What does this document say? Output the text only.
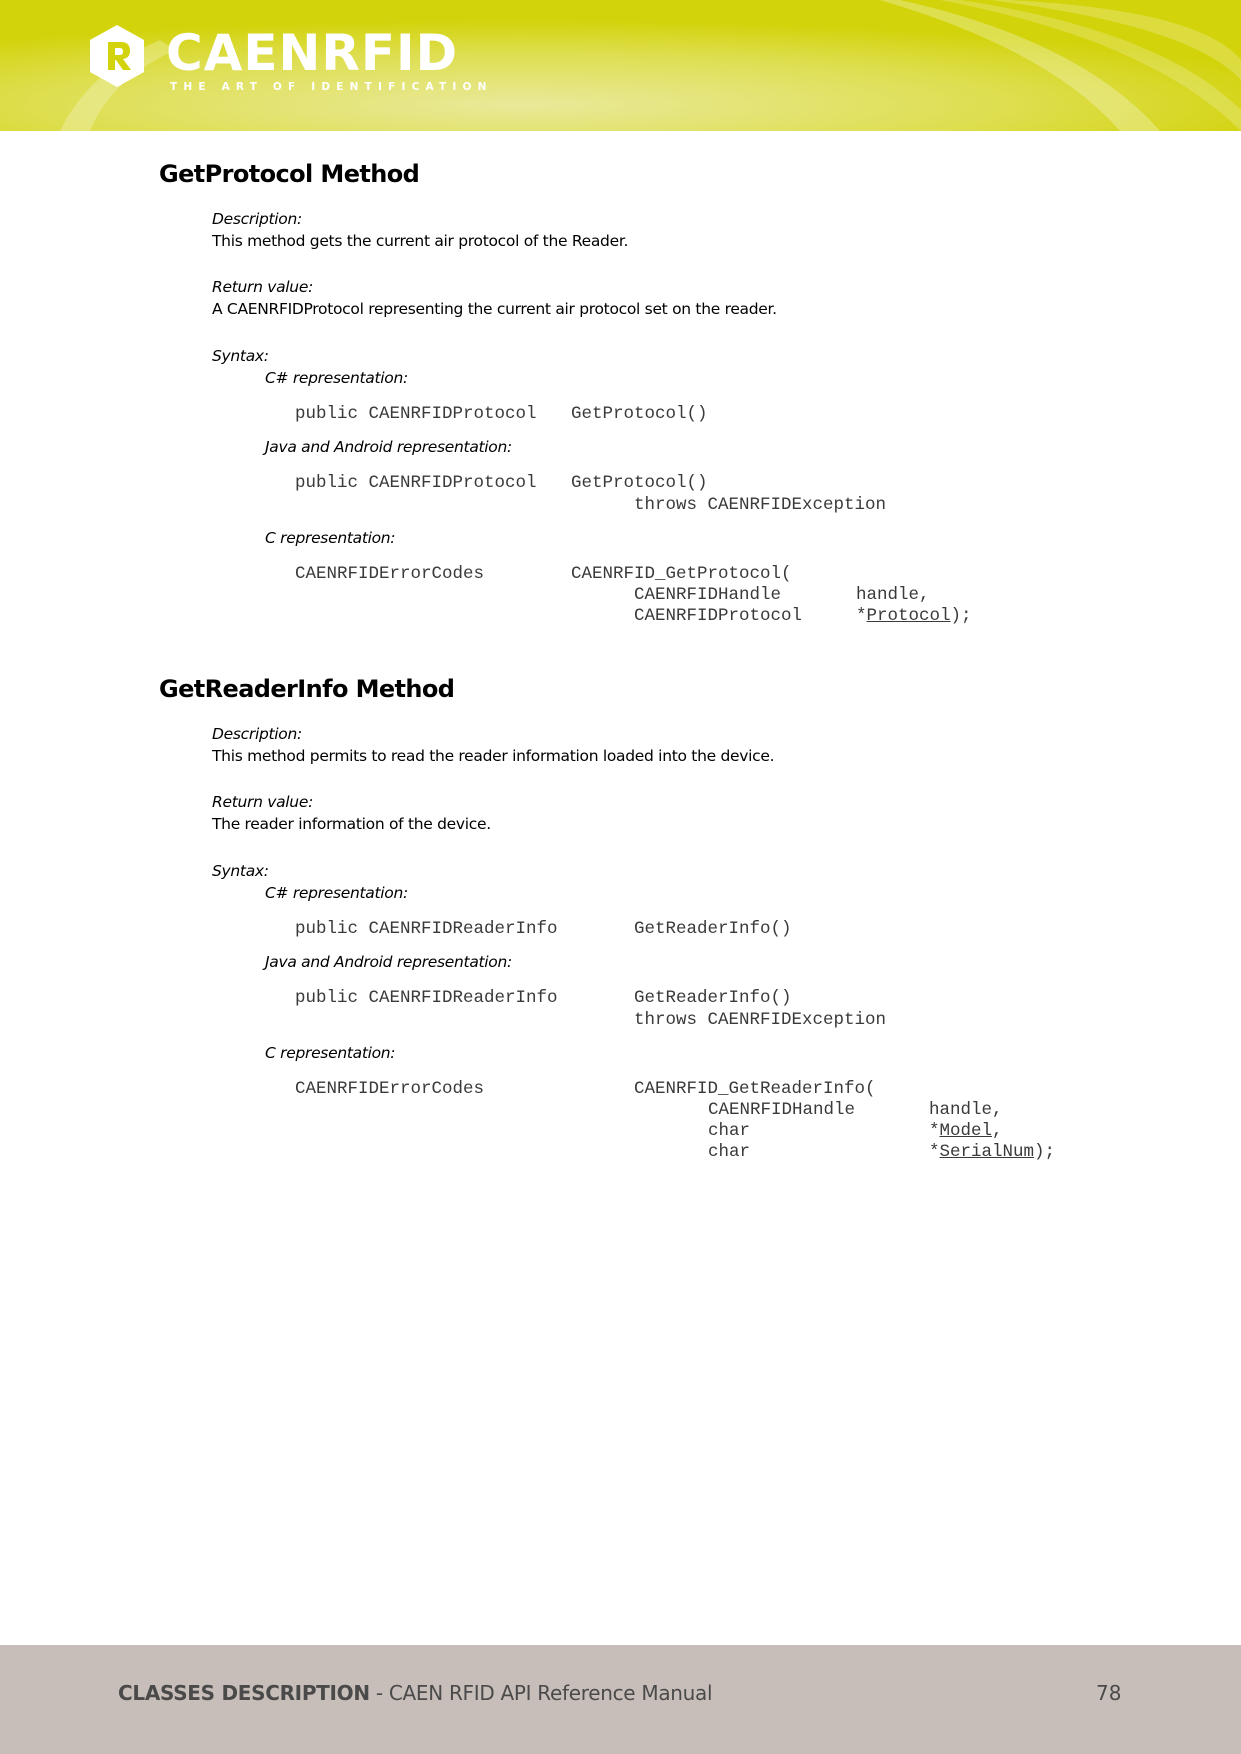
CAENRFID
THE ART OF IDENTIFICATION
GetProtocol Method
Description:
This method gets the current air protocol of the Reader.
Return value:
A CAENRFIDProtocol representing the current air protocol set on the reader.
Syntax:
C# representation:
public CAENRFIDProtocol GetProtocol()
Java and Android representation:
public CAENRFIDProtocol GetProtocol()
throws CAENRFIDException
C representation:
CAENRFIDErrorCodes	CAENRFID_GetProtocol(
CAENRFIDHandle	handle,
CAENRFIDProtocol	*Protocol);
GetReaderInfo Method
Description:
This method permits to read the reader information loaded into the device.
Return value:
The reader information of the device.
Syntax:
C# representation:
public CAENRFIDReaderInfo	GetReaderInfo()
Java and Android representation:
public CAENRFIDReaderInfo	GetReaderInfo()
throws CAENRFIDException
C representation:
CAENRFIDErrorCodes	CAENRFID_GetReaderInfo(
CAENRFIDHandle	handle,
char	*Model,
char	*SerialNum);
CLASSES DESCRIPTION - CAEN RFID API Reference Manual	78
